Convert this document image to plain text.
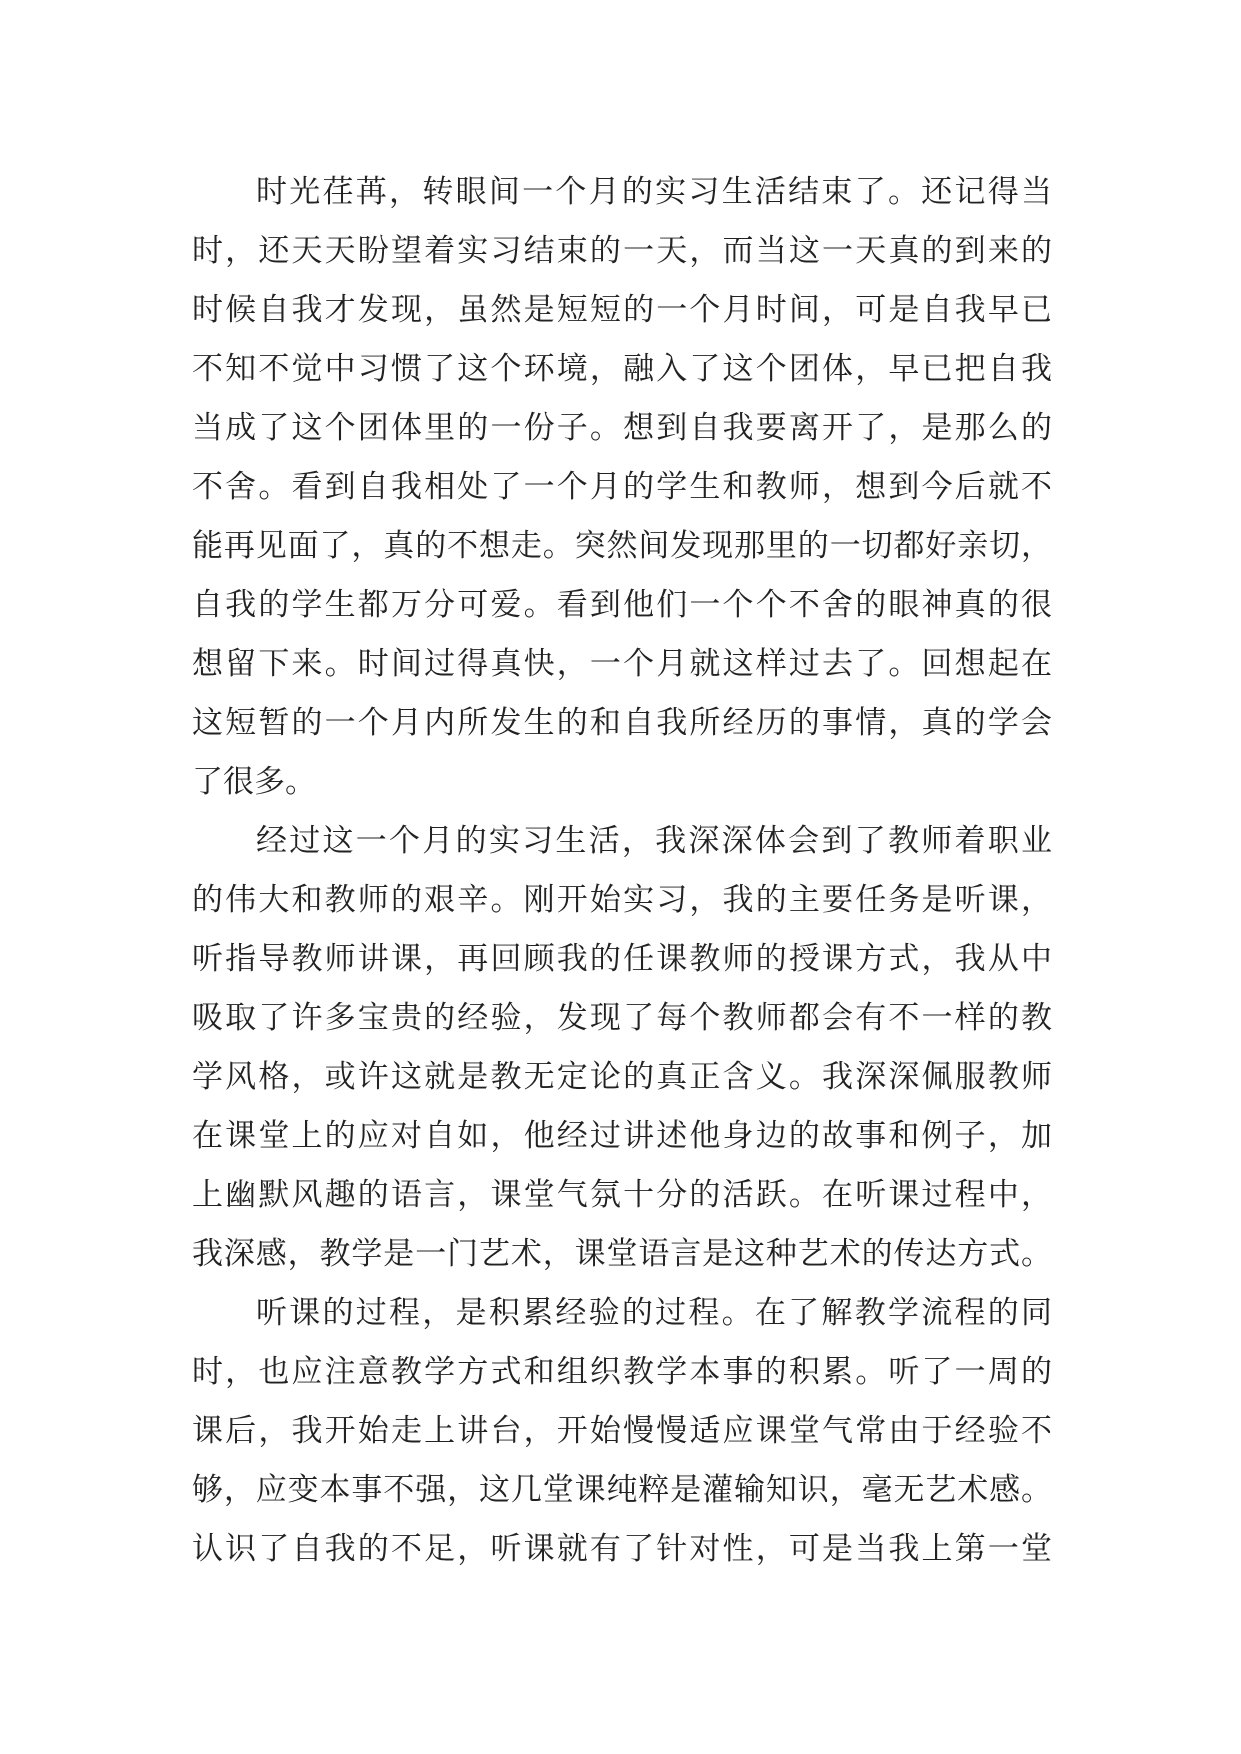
时光荏苒，转眼间一个月的实习生活结束了。还记得当
时，还天天盼望着实习结束的一天，而当这一天真的到来的
时候自我才发现，虽然是短短的一个月时间，可是自我早已
不知不觉中习惯了这个环境，融入了这个团体，早已把自我
当成了这个团体里的一份子。想到自我要离开了，是那么的
不舍。看到自我相处了一个月的学生和教师，想到今后就不
能再见面了，真的不想走。突然间发现那里的一切都好亲切，
自我的学生都万分可爱。看到他们一个个不舍的眼神真的很
想留下来。时间过得真快，一个月就这样过去了。回想起在
这短暂的一个月内所发生的和自我所经历的事情，真的学会
了很多。
经过这一个月的实习生活，我深深体会到了教师着职业
的伟大和教师的艰辛。刚开始实习，我的主要任务是听课，
听指导教师讲课，再回顾我的任课教师的授课方式，我从中
吸取了许多宝贵的经验，发现了每个教师都会有不一样的教
学风格，或许这就是教无定论的真正含义。我深深佩服教师
在课堂上的应对自如，他经过讲述他身边的故事和例子，加
上幽默风趣的语言，课堂气氛十分的活跃。在听课过程中，
我深感，教学是一门艺术，课堂语言是这种艺术的传达方式。
听课的过程，是积累经验的过程。在了解教学流程的同
时，也应注意教学方式和组织教学本事的积累。听了一周的
课后，我开始走上讲台，开始慢慢适应课堂气常由于经验不
够，应变本事不强，这几堂课纯粹是灌输知识，毫无艺术感。
认识了自我的不足，听课就有了针对性，可是当我上第一堂
